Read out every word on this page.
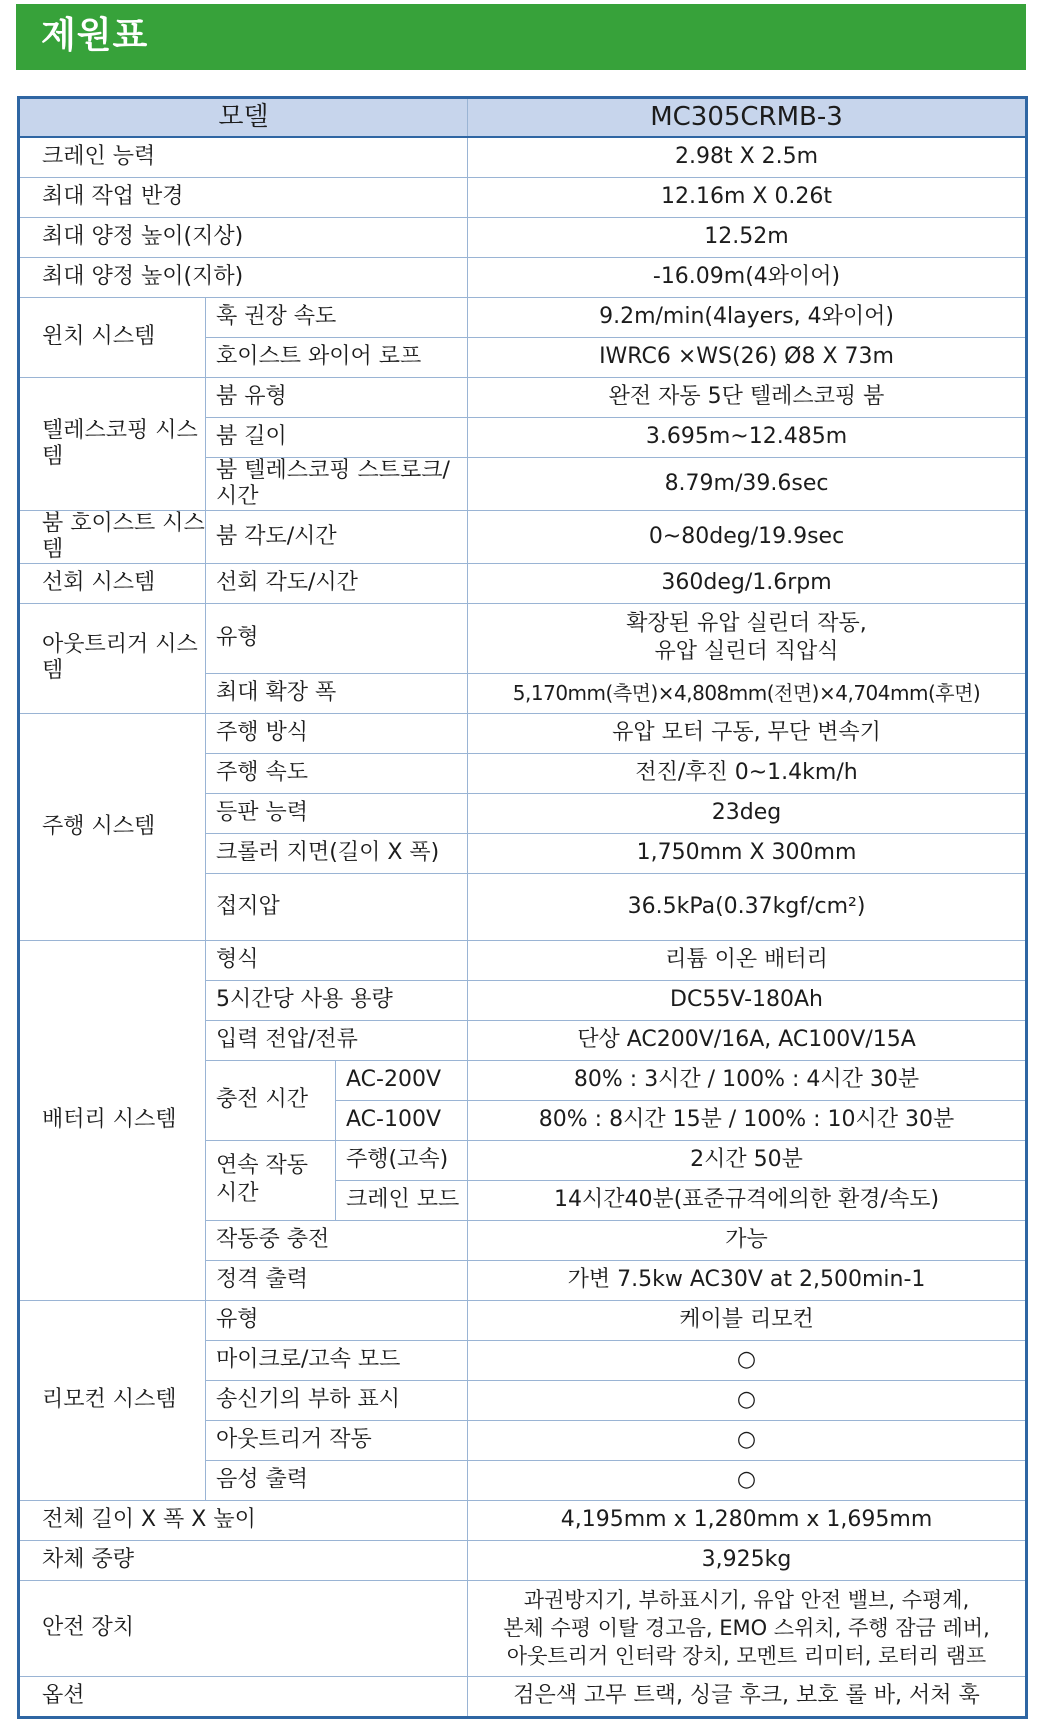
제원표
모델			MC305CRMB-3
크레인 능력			2.98t X 2.5m
최대 작업 반경			12.16m X 0.26t
최대 양정 높이(지상)			12.52m
최대 양정 높이(지하)			-16.09m(4와이어)
윈치 시스템	훅 권장 속도		9.2m/min(4layers, 4와이어)
	호이스트 와이어 로프		IWRC6 ×WS(26) Ø8 X 73m
텔레스코핑 시스템	붐 유형		완전 자동 5단 텔레스코핑 붐
	붐 길이		3.695m~12.485m
	붐 텔레스코핑 스트로크/시간		8.79m/39.6sec
붐 호이스트 시스템	붐 각도/시간		0~80deg/19.9sec
선회 시스템	선회 각도/시간		360deg/1.6rpm
아웃트리거 시스템	유형		확장된 유압 실린더 작동,
유압 실린더 직압식

	최대 확장 폭		5,170mm(측면)×4,808mm(전면)×4,704mm(후면)
주행 시스템	주행 방식		유압 모터 구동, 무단 변속기
	주행 속도		전진/후진 0~1.4km/h
	등판 능력		23deg
	크롤러 지면(길이 X 폭)		1,750mm X 300mm
	접지압		36.5kPa(0.37kgf/cm²)
배터리 시스템	형식		리튬 이온 배터리
	5시간당 사용 용량		DC55V-180Ah
	입력 전압/전류		단상 AC200V/16A, AC100V/15A
	충전 시간	AC-200V	80% : 3시간 / 100% : 4시간 30분
		AC-100V	80% : 8시간 15분 / 100% : 10시간 30분

	연속 작동
시간	주행(고속)	2시간 50분
		크레인 모드	14시간40분(표준규격에의한 환경/속도)
	작동중 충전		가능
	정격 출력		가변 7.5kw AC30V at 2,500min-1
리모컨 시스템	유형		케이블 리모컨
	마이크로/고속 모드		○
	송신기의 부하 표시		○
	아웃트리거 작동		○
	음성 출력		○
전체 길이 X 폭 X 높이			4,195mm x 1,280mm x 1,695mm
차체 중량			3,925kg
안전 장치			과권방지기, 부하표시기, 유압 안전 밸브, 수평계,
본체 수평 이탈 경고음, EMO 스위치, 주행 잠금 레버,
아웃트리거 인터락 장치, 모멘트 리미터, 로터리 램프

옵션			검은색 고무 트랙, 싱글 후크, 보호 롤 바, 서처 훅
